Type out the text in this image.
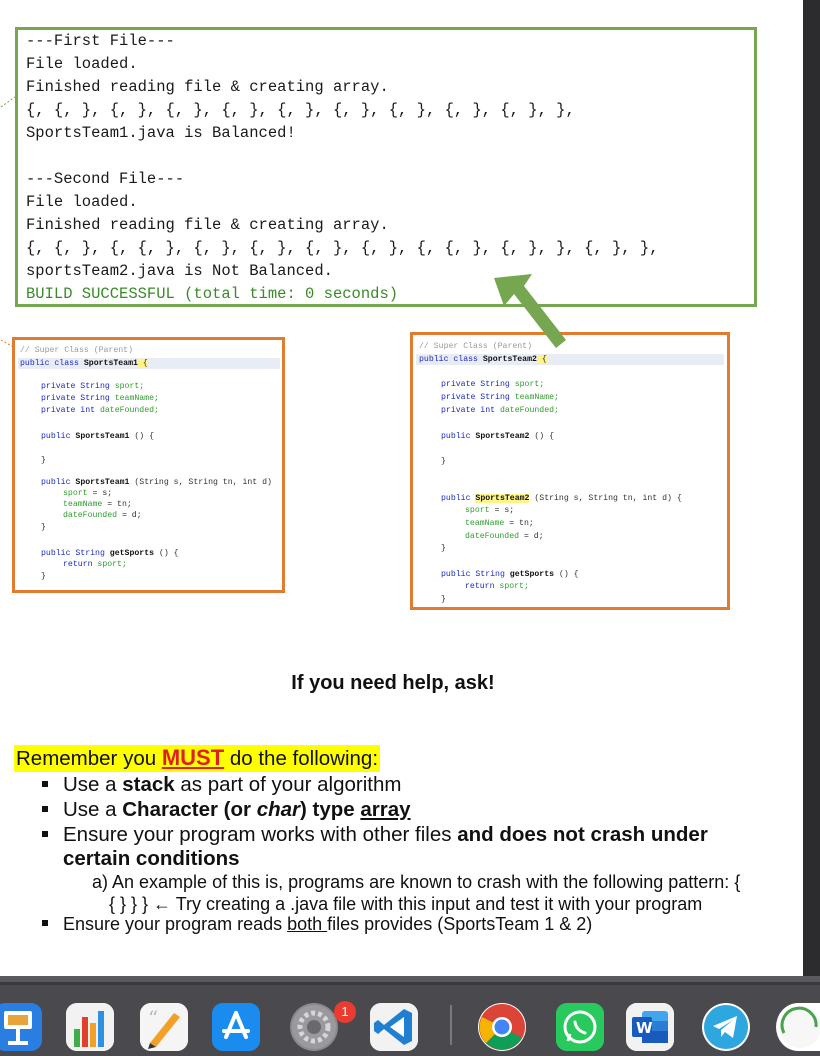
---First File---
File loaded.
Finished reading file & creating array.
{, {, }, {, }, {, }, {, }, {, }, {, }, {, }, {, }, {, }, },
SportsTeam1.java is Balanced!
---Second File---
File loaded.
Finished reading file & creating array.
{, {, }, {, {, }, {, }, {, }, {, }, {, }, {, {, }, {, }, }, {, }, },
sportsTeam2.java is Not Balanced.
BUILD SUCCESSFUL (total time: 0 seconds)
// Super Class (Parent)
public class SportsTeam1 {
private String sport;
private String teamName;
private int dateFounded;
public SportsTeam1 () {
}
public SportsTeam1 (String s, String tn, int d)
sport = s;
teamName = tn;
dateFounded = d;
}
public String getSports () {
return sport;
}
// Super Class (Parent)
public class SportsTeam2 {
private String sport;
private String teamName;
private int dateFounded;
public SportsTeam2 () {
}
public SportsTeam2 (String s, String tn, int d) {
sport = s;
teamName = tn;
dateFounded = d;
}
public String getSports () {
return sport;
}
If you need help, ask!
Remember you MUST do the following:
Use a stack as part of your algorithm
Use a Character (or char) type array
Ensure your program works with other files and does not crash under
certain conditions
a) An example of this is, programs are known to crash with the following pattern: {
{ } } } ← Try creating a .java file with this input and test it with your program
Ensure your program reads both files provides (SportsTeam 1 & 2)
“	1
W
